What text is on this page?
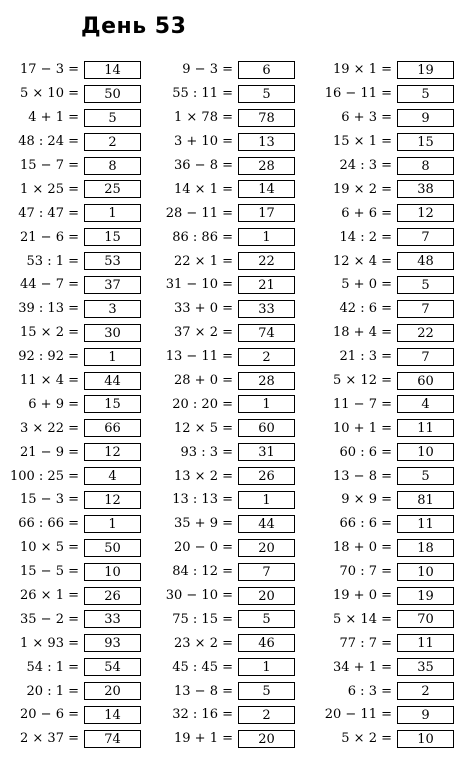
День 53
17 − 3 =	14
5 × 10 =	50
4 + 1 =	5
48 : 24 =	2
15 − 7 =	8
1 × 25 =	25
47 : 47 =	1
21 − 6 =	15
53 : 1 =	53
44 − 7 =	37
39 : 13 =	3
15 × 2 =	30
92 : 92 =	1
11 × 4 =	44
6 + 9 =	15
3 × 22 =	66
21 − 9 =	12
100 : 25 =	4
15 − 3 =	12
66 : 66 =	1
10 × 5 =	50
15 − 5 =	10
26 × 1 =	26
35 − 2 =	33
1 × 93 =	93
54 : 1 =	54
20 : 1 =	20
20 − 6 =	14
2 × 37 =	74
9 − 3 =	6
55 : 11 =	5
1 × 78 =	78
3 + 10 =	13
36 − 8 =	28
14 × 1 =	14
28 − 11 =	17
86 : 86 =	1
22 × 1 =	22
31 − 10 =	21
33 + 0 =	33
37 × 2 =	74
13 − 11 =	2
28 + 0 =	28
20 : 20 =	1
12 × 5 =	60
93 : 3 =	31
13 × 2 =	26
13 : 13 =	1
35 + 9 =	44
20 − 0 =	20
84 : 12 =	7
30 − 10 =	20
75 : 15 =	5
23 × 2 =	46
45 : 45 =	1
13 − 8 =	5
32 : 16 =	2
19 + 1 =	20
19 × 1 =	19
16 − 11 =	5
6 + 3 =	9
15 × 1 =	15
24 : 3 =	8
19 × 2 =	38
6 + 6 =	12
14 : 2 =	7
12 × 4 =	48
5 + 0 =	5
42 : 6 =	7
18 + 4 =	22
21 : 3 =	7
5 × 12 =	60
11 − 7 =	4
10 + 1 =	11
60 : 6 =	10
13 − 8 =	5
9 × 9 =	81
66 : 6 =	11
18 + 0 =	18
70 : 7 =	10
19 + 0 =	19
5 × 14 =	70
77 : 7 =	11
34 + 1 =	35
6 : 3 =	2
20 − 11 =	9
5 × 2 =	10
